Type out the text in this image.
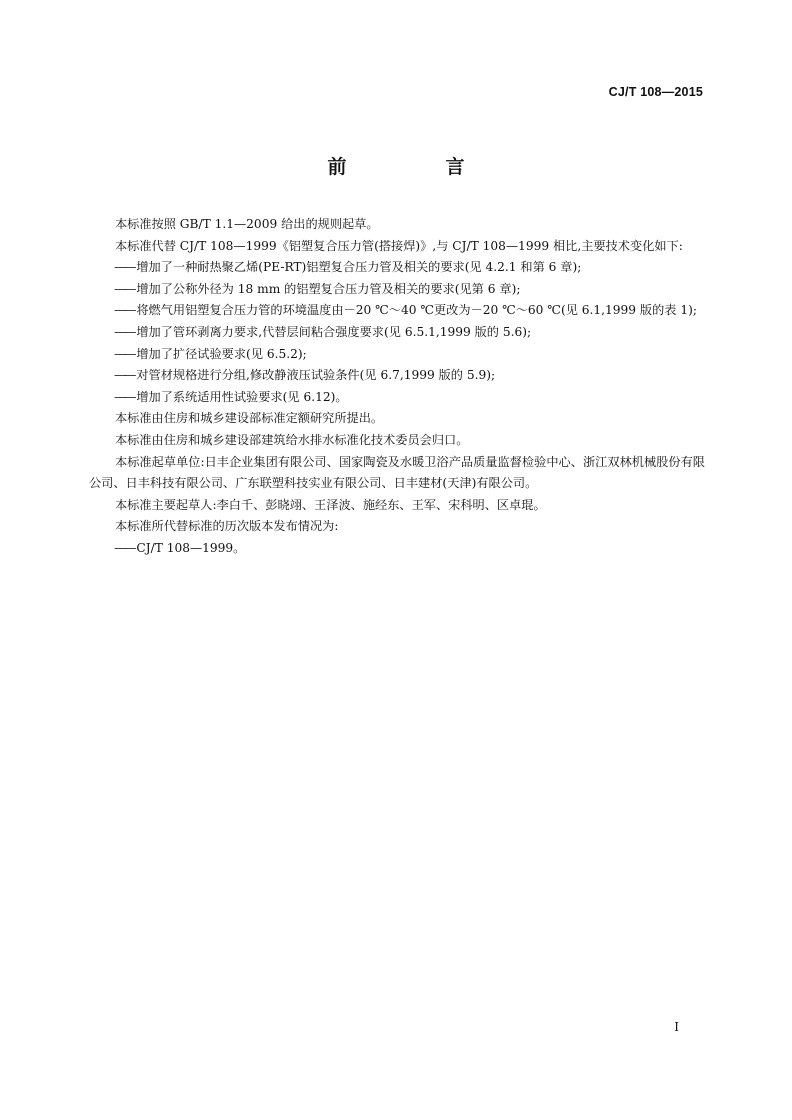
CJ/T 108—2015
前　言

本标准按照 GB/T 1.1—2009 给出的规则起草。

本标准代替 CJ/T 108—1999《铝塑复合压力管(搭接焊)》,与 CJ/T 108—1999 相比,主要技术变化如下:

—— 增加了一种耐热聚乙烯(PE-RT)铝塑复合压力管及相关的要求(见 4.2.1 和第 6 章);

—— 增加了公称外径为 18 mm 的铝塑复合压力管及相关的要求(见第 6 章);

—— 将燃气用铝塑复合压力管的环境温度由－20 ℃～40 ℃更改为－20 ℃～60 ℃(见 6.1,1999 版的表 1);

—— 增加了管环剥离力要求,代替层间粘合强度要求(见 6.5.1,1999 版的 5.6);

—— 增加了扩径试验要求(见 6.5.2);

—— 对管材规格进行分组,修改静液压试验条件(见 6.7,1999 版的 5.9);

—— 增加了系统适用性试验要求(见 6.12)。

本标准由住房和城乡建设部标准定额研究所提出。

本标准由住房和城乡建设部建筑给水排水标准化技术委员会归口。

本标准起草单位:日丰企业集团有限公司、国家陶瓷及水暖卫浴产品质量监督检验中心、浙江双林机械股份有限公司、日丰科技有限公司、广东联塑科技实业有限公司、日丰建材(天津)有限公司。

本标准主要起草人:李白千、彭晓翊、王泽波、施经东、王军、宋科明、区卓琨。

本标准所代替标准的历次版本发布情况为:

—— CJ/T 108—1999。

Ⅰ
